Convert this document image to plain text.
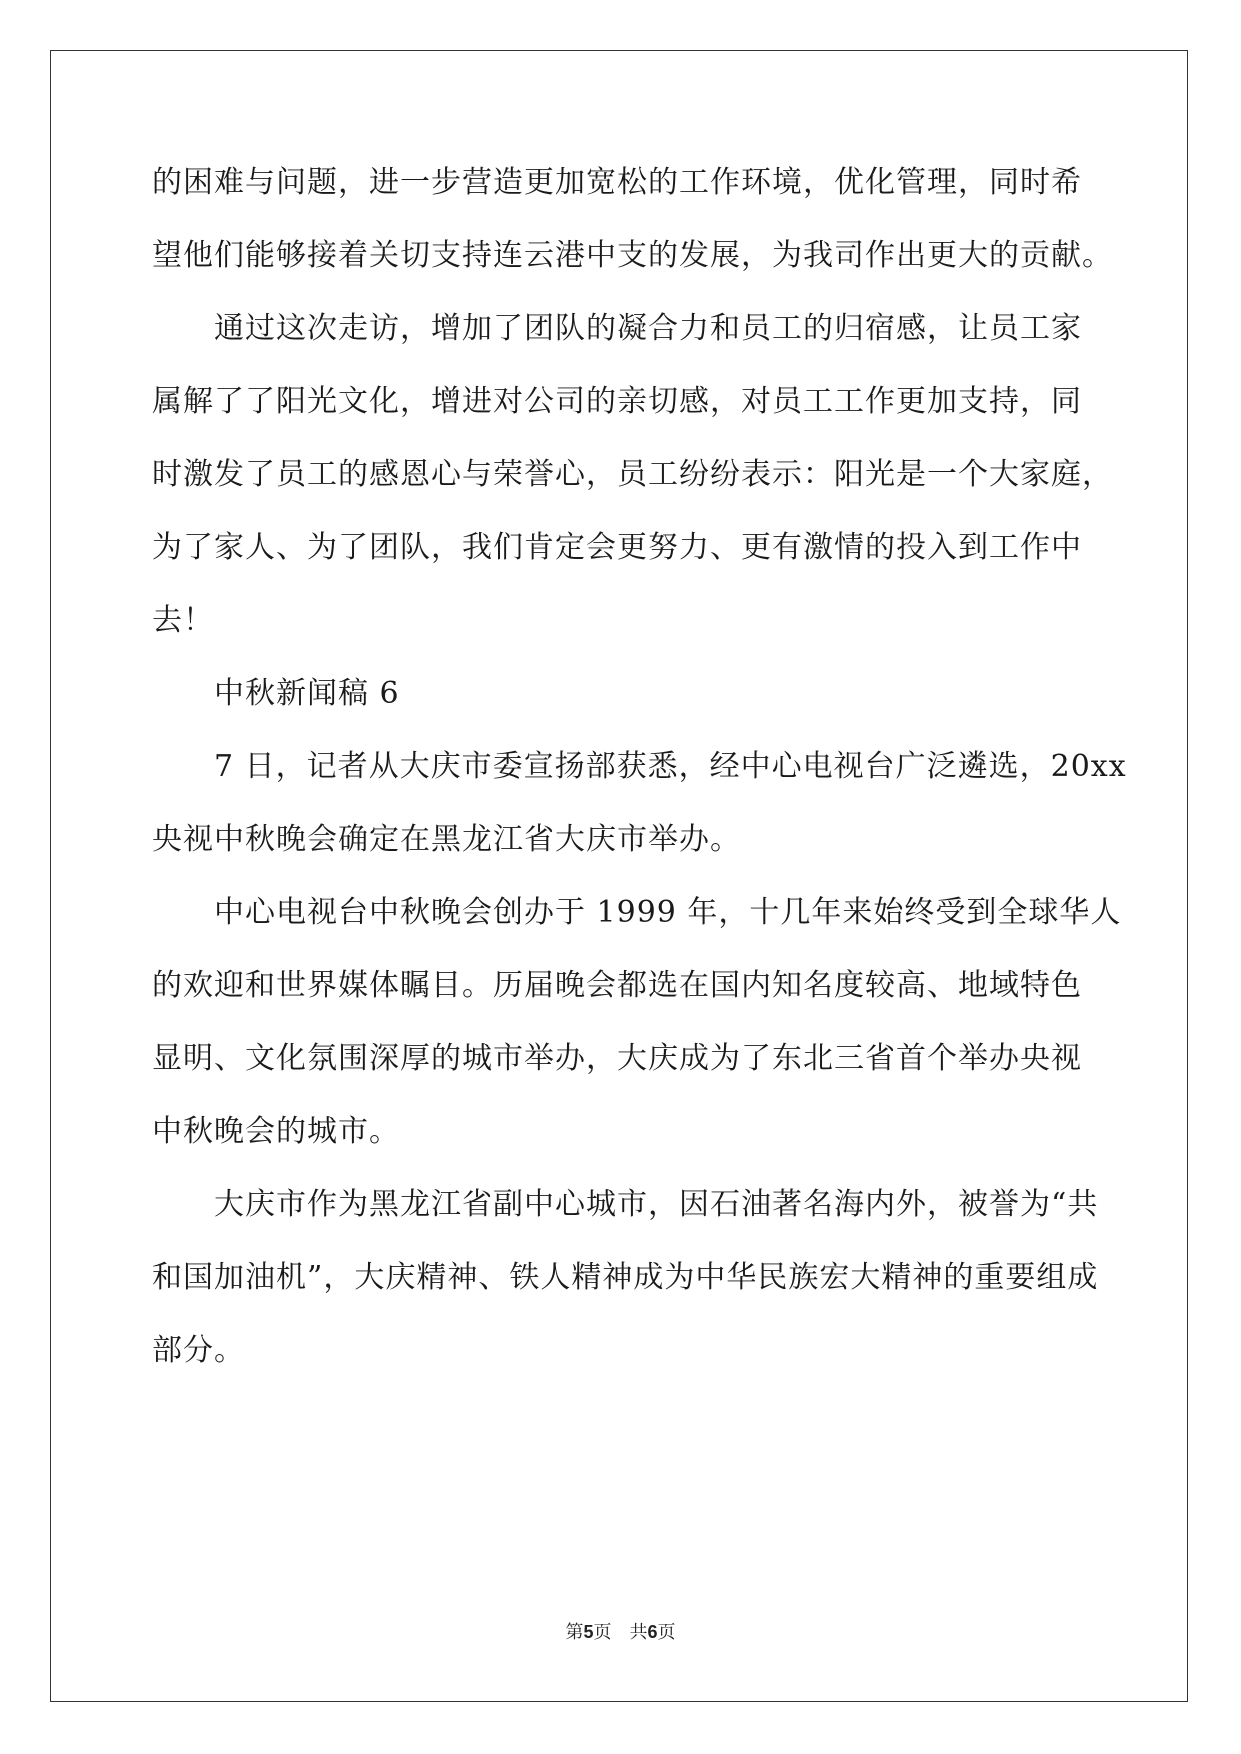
的困难与问题，进一步营造更加宽松的工作环境，优化管理，同时希
望他们能够接着关切支持连云港中支的发展，为我司作出更大的贡献。
通过这次走访，增加了团队的凝合力和员工的归宿感，让员工家
属解了了阳光文化，增进对公司的亲切感，对员工工作更加支持，同
时激发了员工的感恩心与荣誉心，员工纷纷表示：阳光是一个大家庭，
为了家人、为了团队，我们肯定会更努力、更有激情的投入到工作中
去！
中秋新闻稿 6
7 日，记者从大庆市委宣扬部获悉，经中心电视台广泛遴选，20xx
央视中秋晚会确定在黑龙江省大庆市举办。
中心电视台中秋晚会创办于 1999 年，十几年来始终受到全球华人
的欢迎和世界媒体瞩目。历届晚会都选在国内知名度较高、地域特色
显明、文化氛围深厚的城市举办，大庆成为了东北三省首个举办央视
中秋晚会的城市。
大庆市作为黑龙江省副中心城市，因石油著名海内外，被誉为“共
和国加油机”，大庆精神、铁人精神成为中华民族宏大精神的重要组成
部分。
第5页 共6页
